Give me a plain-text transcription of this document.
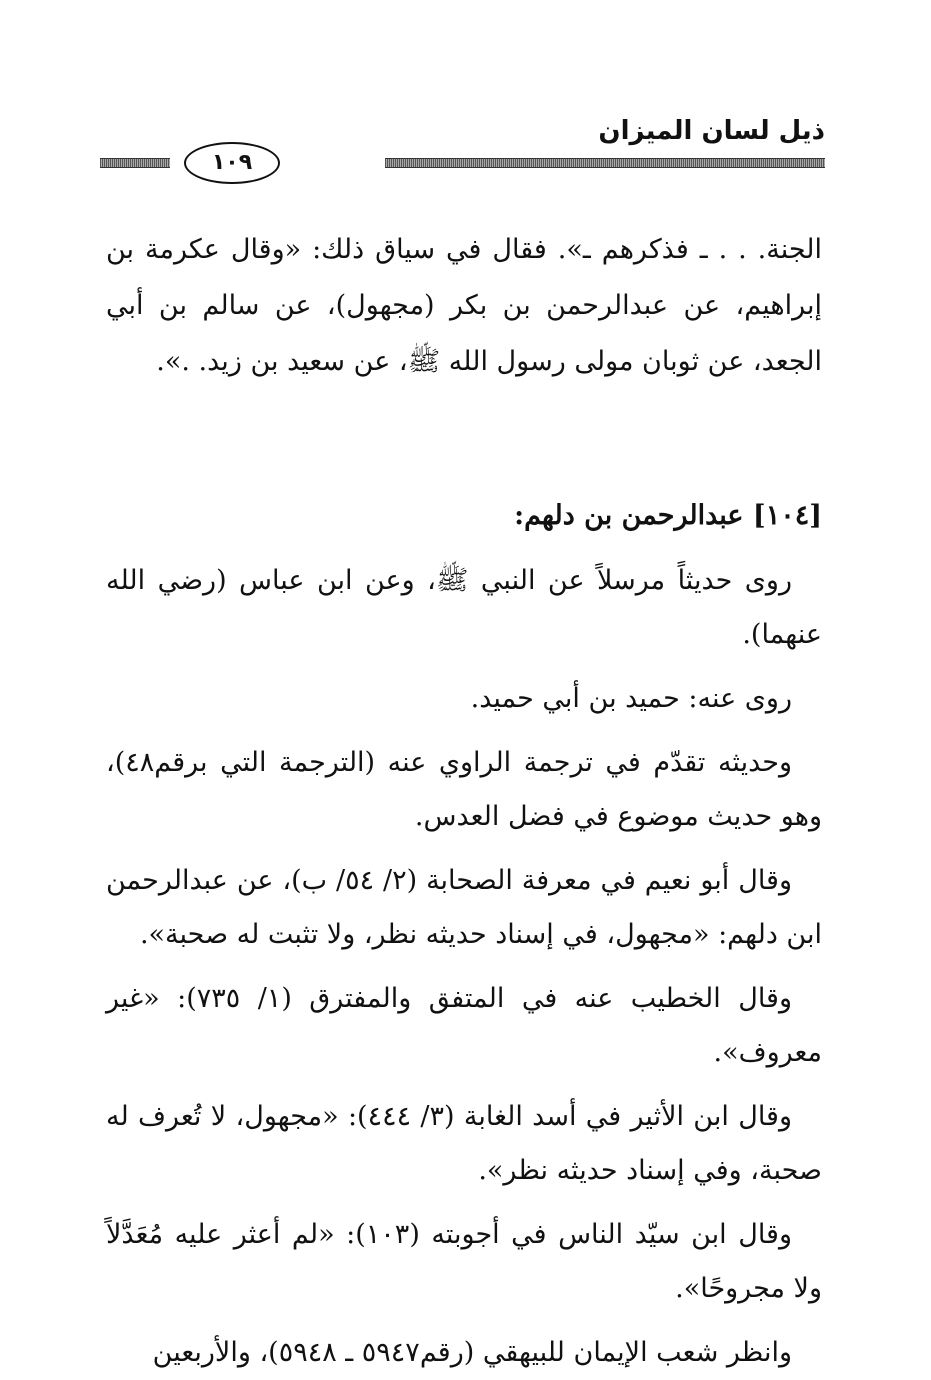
ذيل لسان الميزان
١٠٩

الجنة. . . ـ فذكرهم ـ». فقال في سياق ذلك: «وقال عكرمة بن إبراهيم، عن عبدالرحمن بن بكر (مجهول)، عن سالم بن أبي الجعد، عن ثوبان مولى رسول الله ﷺ، عن سعيد بن زيد. .».

[١٠٤] عبدالرحمن بن دلهم:

روى حديثاً مرسلاً عن النبي ﷺ، وعن ابن عباس (رضي الله عنهما).

روى عنه: حميد بن أبي حميد.

وحديثه تقدّم في ترجمة الراوي عنه (الترجمة التي برقم٤٨)، وهو حديث موضوع في فضل العدس.

وقال أبو نعيم في معرفة الصحابة (٢/ ٥٤/ ب)، عن عبدالرحمن ابن دلهم: «مجهول، في إسناد حديثه نظر، ولا تثبت له صحبة».

وقال الخطيب عنه في المتفق والمفترق (١/ ٧٣٥): «غير معروف».

وقال ابن الأثير في أسد الغابة (٣/ ٤٤٤): «مجهول، لا تُعرف له صحبة، وفي إسناد حديثه نظر».

وقال ابن سيّد الناس في أجوبته (١٠٣): «لم أعثر عليه مُعَدَّلاً ولا مجروحًا».

وانظر شعب الإيمان للبيهقي (رقم٥٩٤٧ ـ ٥٩٤٨)، والأربعين
